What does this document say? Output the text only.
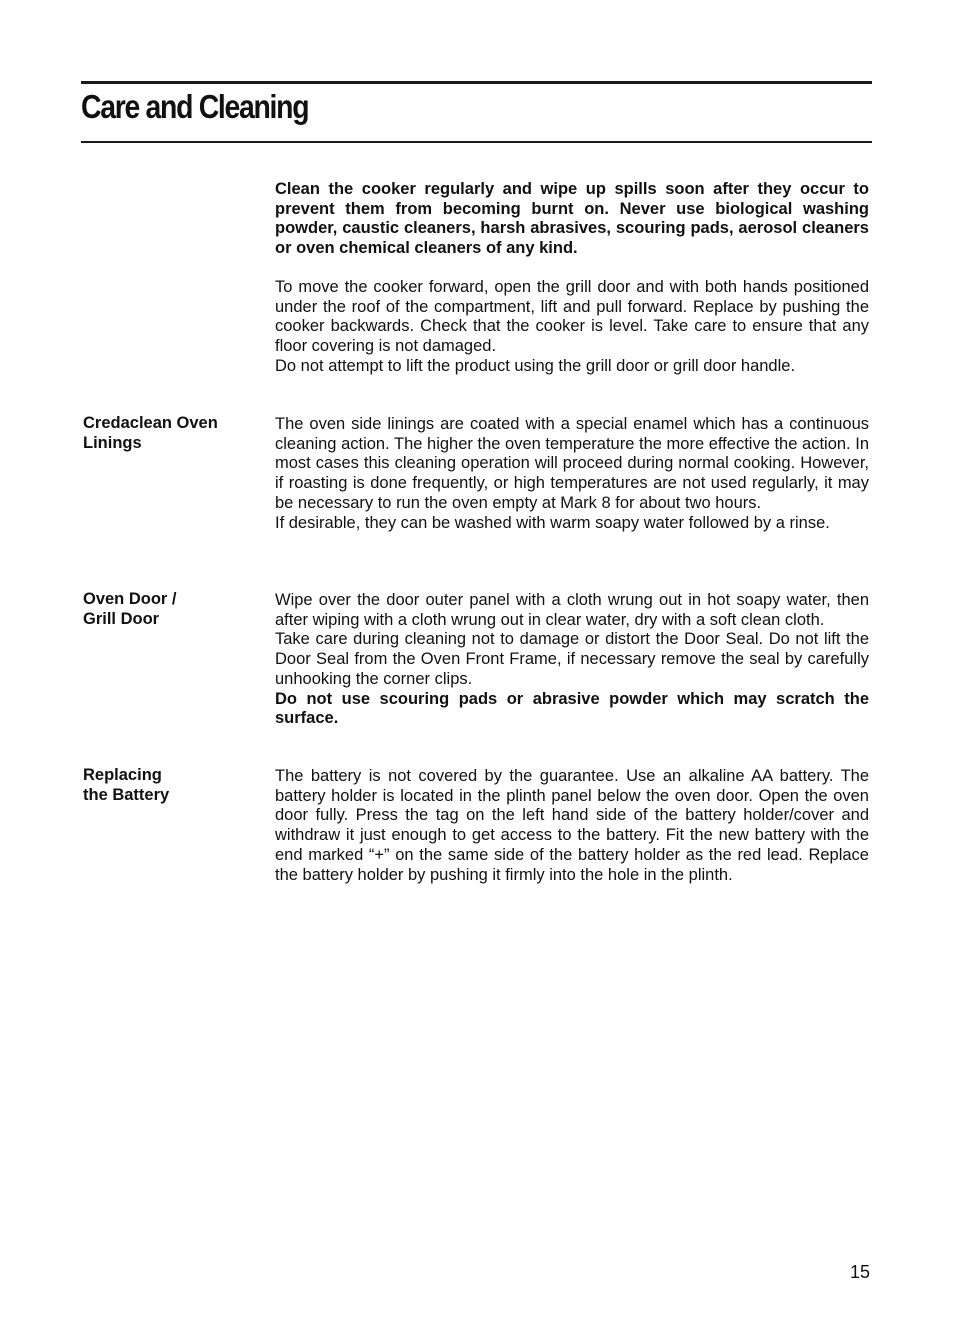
Care and Cleaning

Clean the cooker regularly and wipe up spills soon after they occur to prevent them from becoming burnt on. Never use biological washing powder, caustic cleaners, harsh abrasives, scouring pads, aerosol cleaners or oven chemical cleaners of any kind.

To move the cooker forward, open the grill door and with both hands positioned under the roof of the compartment, lift and pull forward. Replace by pushing the cooker backwards. Check that the cooker is level. Take care to ensure that any floor covering is not damaged.

Do not attempt to lift the product using the grill door or grill door handle.

Credaclean Oven Linings

The oven side linings are coated with a special enamel which has a continuous cleaning action. The higher the oven temperature the more effective the action. In most cases this cleaning operation will proceed during normal cooking. However, if roasting is done frequently, or high temperatures are not used regularly, it may be necessary to run the oven empty at Mark 8 for about two hours.

If desirable, they can be washed with warm soapy water followed by a rinse.

Oven Door / Grill Door

Wipe over the door outer panel with a cloth wrung out in hot soapy water, then after wiping with a cloth wrung out in clear water, dry with a soft clean cloth.

Take care during cleaning not to damage or distort the Door Seal. Do not lift the Door Seal from the Oven Front Frame, if necessary remove the seal by carefully unhooking the corner clips.

Do not use scouring pads or abrasive powder which may scratch the surface.

Replacing the Battery

The battery is not covered by the guarantee. Use an alkaline AA battery. The battery holder is located in the plinth panel below the oven door. Open the oven door fully. Press the tag on the left hand side of the battery holder/cover and withdraw it just enough to get access to the battery. Fit the new battery with the end marked “+” on the same side of the battery holder as the red lead. Replace the battery holder by pushing it firmly into the hole in the plinth.

15
